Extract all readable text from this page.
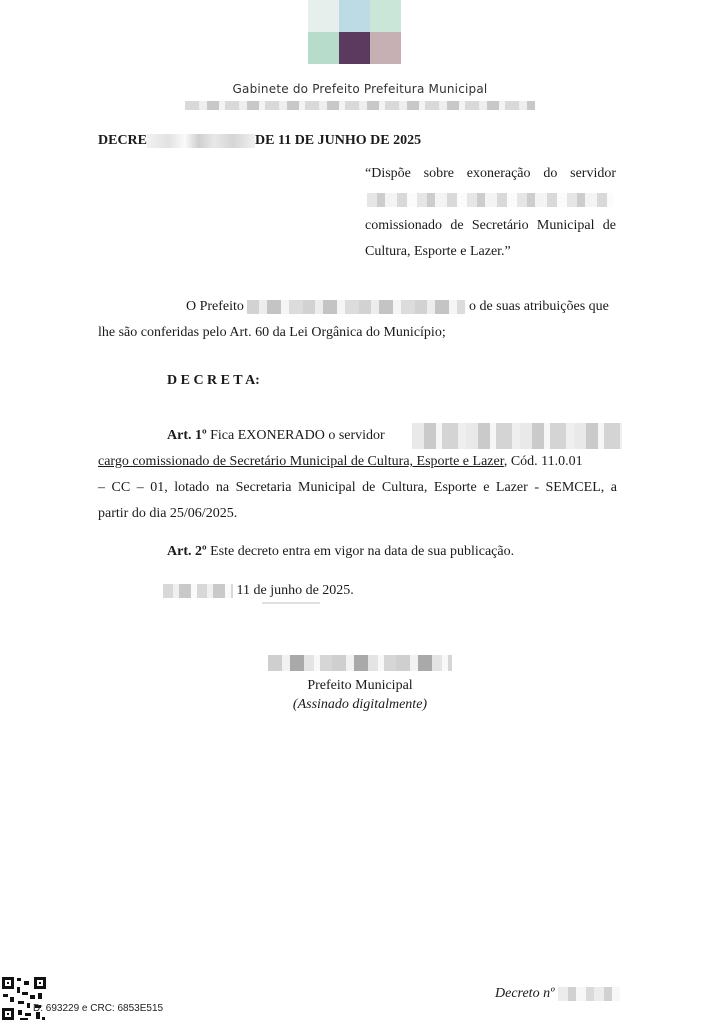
Gabinete do Prefeito Prefeitura Municipal
DECRE	DE 11 DE JUNHO DE 2025
“Dispõe sobre exoneração do servidor
comissionado de Secretário Municipal de
Cultura, Esporte e Lazer.”
O Prefeito	o de suas atribuições que
lhe são conferidas pelo Art. 60 da Lei Orgânica do Município;
D E C R E T A:
Art. 1º Fica EXONERADO o servidor
cargo comissionado de Secretário Municipal de Cultura, Esporte e Lazer, Cód. 11.0.01
– CC – 01, lotado na Secretaria Municipal de Cultura, Esporte e Lazer - SEMCEL, a
partir do dia 25/06/2025.
Art. 2º Este decreto entra em vigor na data de sua publicação.
11 de junho de 2025.
Prefeito Municipal
(Assinado digitalmente)
D: 693229 e CRC: 6853E515
Decreto nº
